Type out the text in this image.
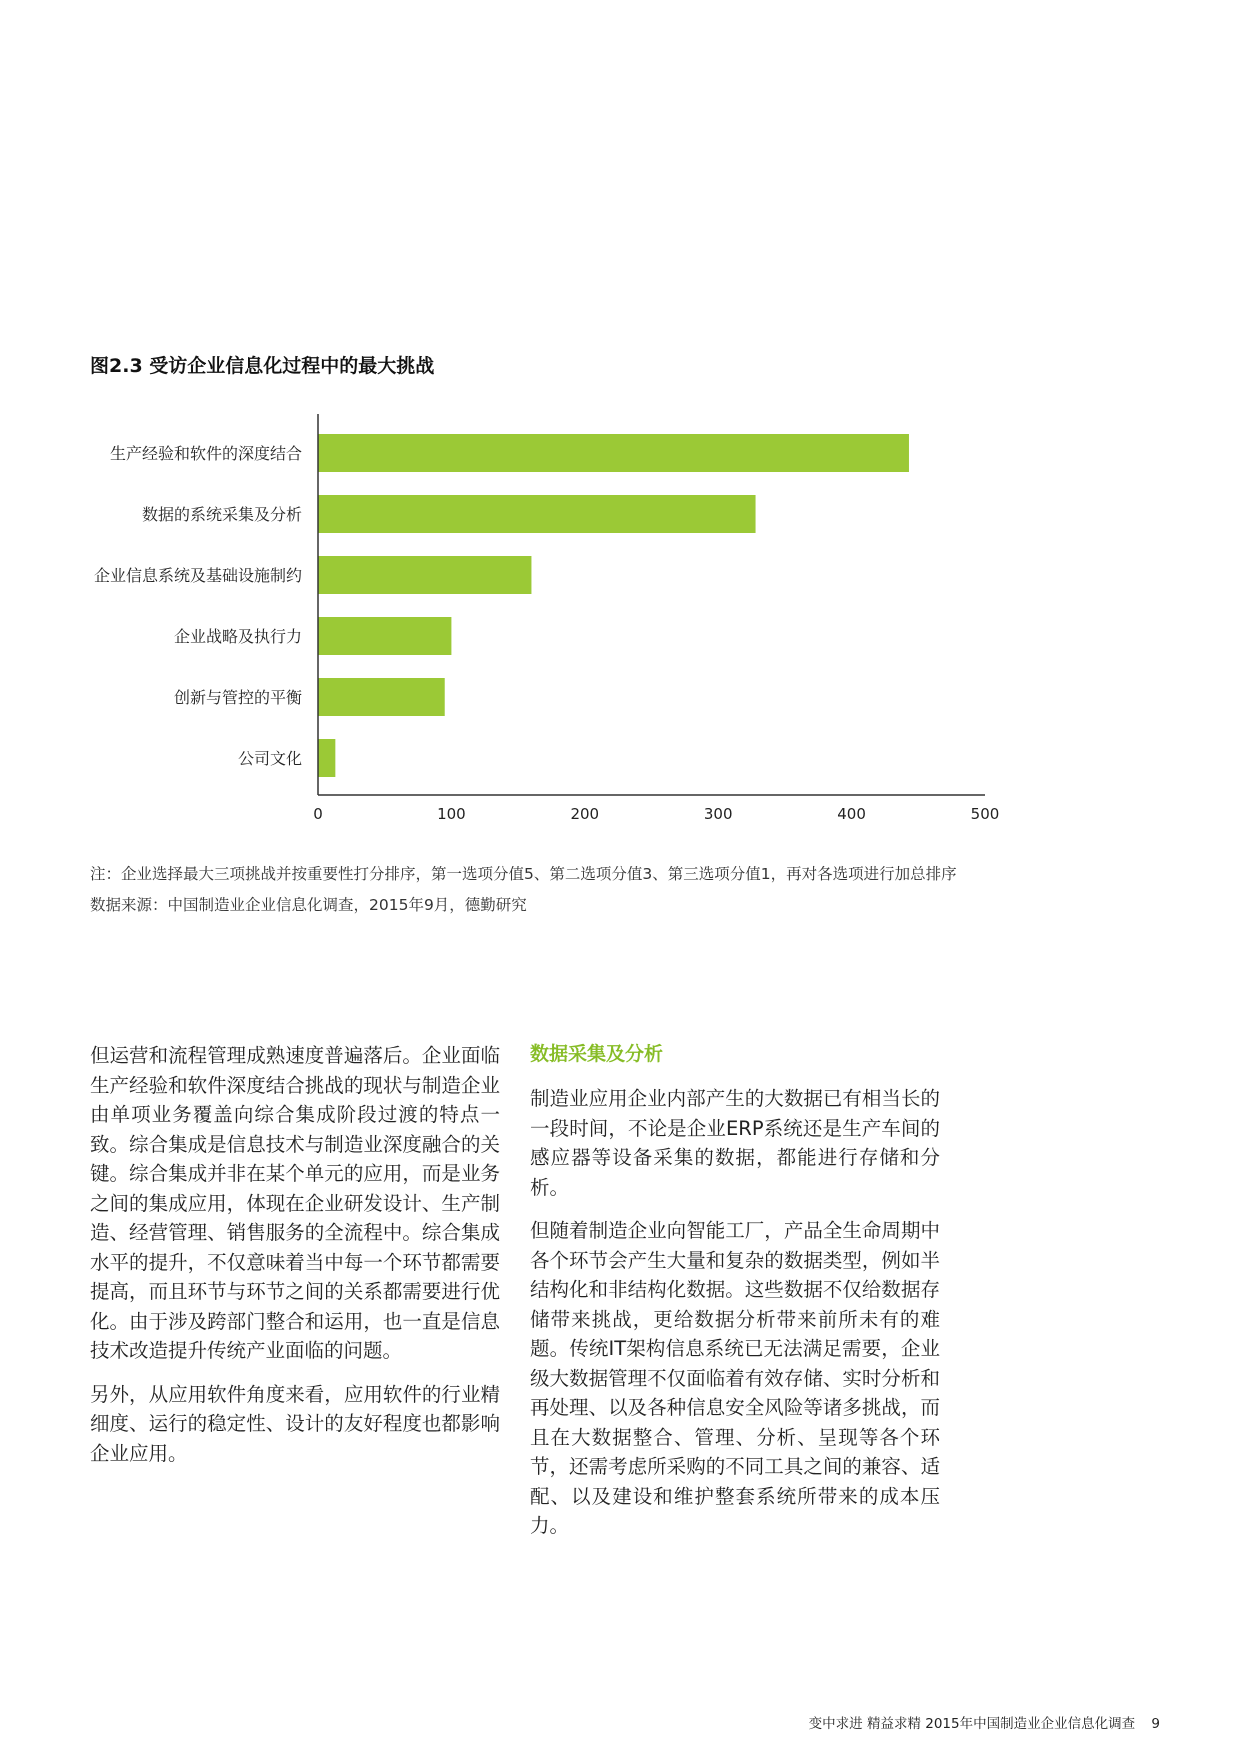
图2.3 受访企业信息化过程中的最大挑战
生产经验和软件的深度结合
数据的系统采集及分析
企业信息系统及基础设施制约
企业战略及执行力
创新与管控的平衡
公司文化
0	100	200	300	400	500
注：企业选择最大三项挑战并按重要性打分排序，第一选项分值5、第二选项分值3、第三选项分值1，再对各选项进行加总排序
数据来源：中国制造业企业信息化调查，2015年9月，德勤研究

但运营和流程管理成熟速度普遍落后。企业面临生产经验和软件深度结合挑战的现状与制造企业由单项业务覆盖向综合集成阶段过渡的特点一致。综合集成是信息技术与制造业深度融合的关键。综合集成并非在某个单元的应用，而是业务之间的集成应用，体现在企业研发设计、生产制造、经营管理、销售服务的全流程中。综合集成水平的提升，不仅意味着当中每一个环节都需要提高，而且环节与环节之间的关系都需要进行优化。由于涉及跨部门整合和运用，也一直是信息技术改造提升传统产业面临的问题。

另外，从应用软件角度来看，应用软件的行业精细度、运行的稳定性、设计的友好程度也都影响企业应用。

数据采集及分析

制造业应用企业内部产生的大数据已有相当长的一段时间，不论是企业ERP系统还是生产车间的感应器等设备采集的数据，都能进行存储和分析。

但随着制造企业向智能工厂，产品全生命周期中各个环节会产生大量和复杂的数据类型，例如半结构化和非结构化数据。这些数据不仅给数据存储带来挑战，更给数据分析带来前所未有的难题。传统IT架构信息系统已无法满足需要，企业级大数据管理不仅面临着有效存储、实时分析和再处理、以及各种信息安全风险等诸多挑战，而且在大数据整合、管理、分析、呈现等各个环节，还需考虑所采购的不同工具之间的兼容、适配、以及建设和维护整套系统所带来的成本压力。

变中求进 精益求精 2015年中国制造业企业信息化调查 9
